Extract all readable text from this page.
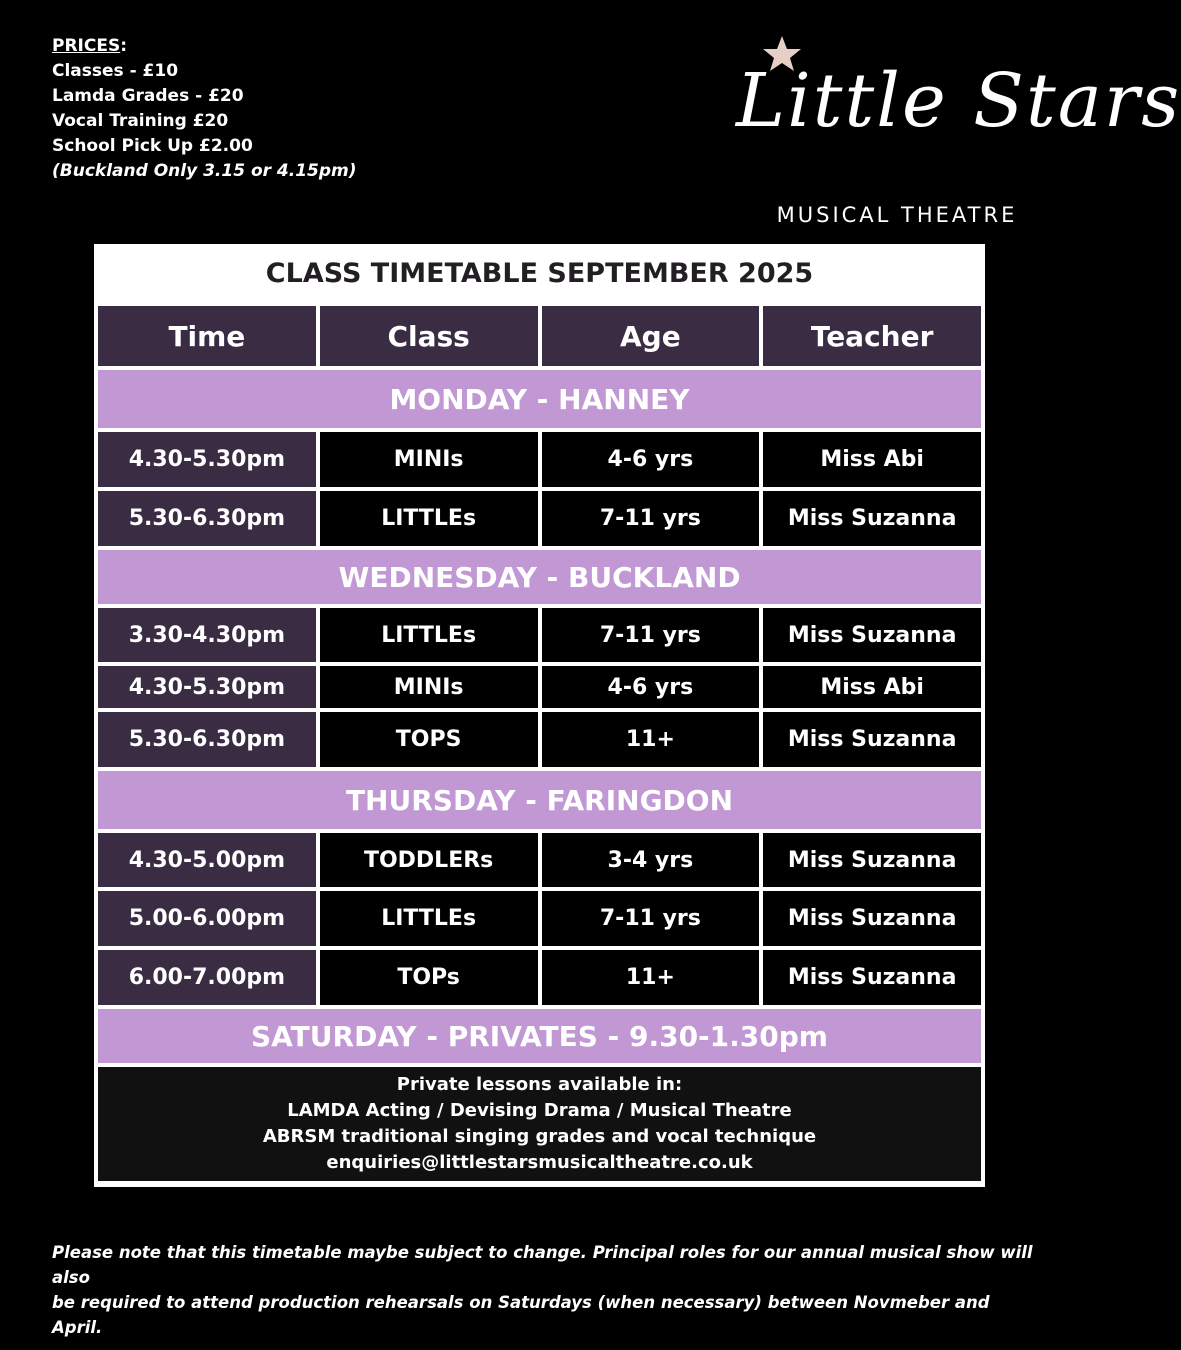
PRICES:
Classes - £10
Lamda Grades - £20
Vocal Training £20
School Pick Up £2.00
(Buckland Only 3.15 or 4.15pm)
Little Stars
MUSICAL THEATRE
CLASS TIMETABLE SEPTEMBER 2025
Time	Class	Age	Teacher
MONDAY - HANNEY
4.30-5.30pm	MINIs	4-6 yrs	Miss Abi
5.30-6.30pm	LITTLEs	7-11 yrs	Miss Suzanna
WEDNESDAY - BUCKLAND
3.30-4.30pm	LITTLEs	7-11 yrs	Miss Suzanna
4.30-5.30pm	MINIs	4-6 yrs	Miss Abi
5.30-6.30pm	TOPS	11+	Miss Suzanna
THURSDAY - FARINGDON
4.30-5.00pm	TODDLERs	3-4 yrs	Miss Suzanna
5.00-6.00pm	LITTLEs	7-11 yrs	Miss Suzanna
6.00-7.00pm	TOPs	11+	Miss Suzanna
SATURDAY - PRIVATES - 9.30-1.30pm
Private lessons available in:
LAMDA Acting / Devising Drama / Musical Theatre
ABRSM traditional singing grades and vocal technique
enquiries@littlestarsmusicaltheatre.co.uk
Please note that this timetable maybe subject to change. Principal roles for our annual musical show will also
be required to attend production rehearsals on Saturdays (when necessary) between Novmeber and April.
